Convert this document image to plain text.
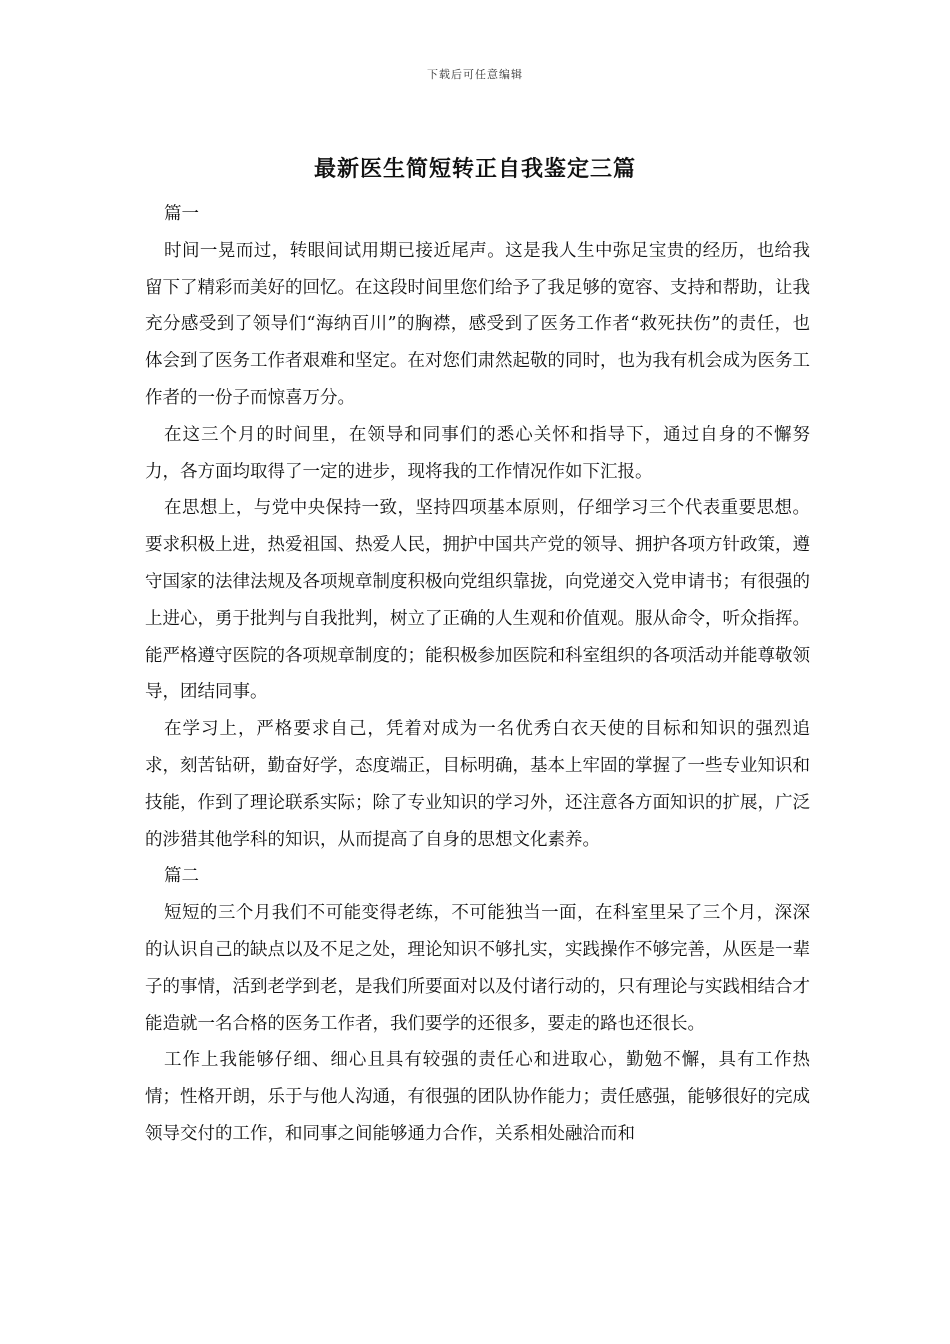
下载后可任意编辑
最新医生简短转正自我鉴定三篇

篇一

时间一晃而过，转眼间试用期已接近尾声。这是我人生中弥足宝贵的经历，也给我留下了精彩而美好的回忆。在这段时间里您们给予了我足够的宽容、支持和帮助，让我充分感受到了领导们“海纳百川”的胸襟，感受到了医务工作者“救死扶伤”的责任，也体会到了医务工作者艰难和坚定。在对您们肃然起敬的同时，也为我有机会成为医务工作者的一份子而惊喜万分。

在这三个月的时间里，在领导和同事们的悉心关怀和指导下，通过自身的不懈努力，各方面均取得了一定的进步，现将我的工作情况作如下汇报。

在思想上，与党中央保持一致，坚持四项基本原则，仔细学习三个代表重要思想。要求积极上进，热爱祖国、热爱人民，拥护中国共产党的领导、拥护各项方针政策，遵守国家的法律法规及各项规章制度积极向党组织靠拢，向党递交入党申请书；有很强的上进心，勇于批判与自我批判，树立了正确的人生观和价值观。服从命令，听众指挥。能严格遵守医院的各项规章制度的；能积极参加医院和科室组织的各项活动并能尊敬领导，团结同事。

在学习上，严格要求自己，凭着对成为一名优秀白衣天使的目标和知识的强烈追求，刻苦钻研，勤奋好学，态度端正，目标明确，基本上牢固的掌握了一些专业知识和技能，作到了理论联系实际；除了专业知识的学习外，还注意各方面知识的扩展，广泛的涉猎其他学科的知识，从而提高了自身的思想文化素养。

篇二

短短的三个月我们不可能变得老练，不可能独当一面，在科室里呆了三个月，深深的认识自己的缺点以及不足之处，理论知识不够扎实，实践操作不够完善，从医是一辈子的事情，活到老学到老，是我们所要面对以及付诸行动的，只有理论与实践相结合才能造就一名合格的医务工作者，我们要学的还很多，要走的路也还很长。

工作上我能够仔细、细心且具有较强的责任心和进取心，勤勉不懈，具有工作热情；性格开朗，乐于与他人沟通，有很强的团队协作能力；责任感强，能够很好的完成领导交付的工作，和同事之间能够通力合作，关系相处融洽而和
